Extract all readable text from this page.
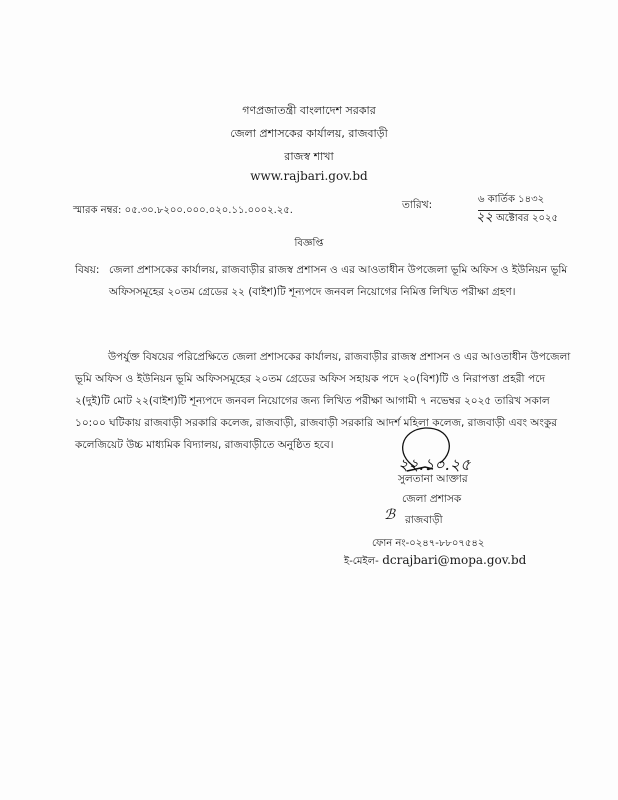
গণপ্রজাতন্ত্রী বাংলাদেশ সরকার
জেলা প্রশাসকের কার্যালয়, রাজবাড়ী
রাজস্ব শাখা
www.rajbari.gov.bd
স্মারক নম্বর: ০৫.৩০.৮২০০.০০০.০২০.১১.০০০২.২৫.	তারিখ:	৬ কার্তিক ১৪৩২
২২ অক্টোবর ২০২৫
বিজ্ঞপ্তি
বিষয়: জেলা প্রশাসকের কার্যালয়, রাজবাড়ীর রাজস্ব প্রশাসন ও এর আওতাধীন উপজেলা ভূমি অফিস ও ইউনিয়ন ভূমি
অফিসসমূহের ২০তম গ্রেডের ২২ (বাইশ)টি শূন্যপদে জনবল নিয়োগের নিমিত্ত লিখিত পরীক্ষা গ্রহণ।
উপর্যুক্ত বিষয়ের পরিপ্রেক্ষিতে জেলা প্রশাসকের কার্যালয়, রাজবাড়ীর রাজস্ব প্রশাসন ও এর আওতাধীন উপজেলা
ভূমি অফিস ও ইউনিয়ন ভূমি অফিসসমূহের ২০তম গ্রেডের অফিস সহায়ক পদে ২০(বিশ)টি ও নিরাপত্তা প্রহরী পদে
২(দুই)টি মোট ২২(বাইশ)টি শূন্যপদে জনবল নিয়োগের জন্য লিখিত পরীক্ষা আগামী ৭ নভেম্বর ২০২৫ তারিখ সকাল
১০:০০ ঘটিকায় রাজবাড়ী সরকারি কলেজ, রাজবাড়ী, রাজবাড়ী সরকারি আদর্শ মহিলা কলেজ, রাজবাড়ী এবং অংকুর
কলেজিয়েট উচ্চ মাধ্যমিক বিদ্যালয়, রাজবাড়ীতে অনুষ্ঠিত হবে।
২২.১০.২৫
সুলতানা আক্তার
জেলা প্রশাসক
ℬ রাজবাড়ী
ফোন নং-০২৪৭-৮৮০৭৫৪২
ই-মেইল- dcrajbari@mopa.gov.bd
